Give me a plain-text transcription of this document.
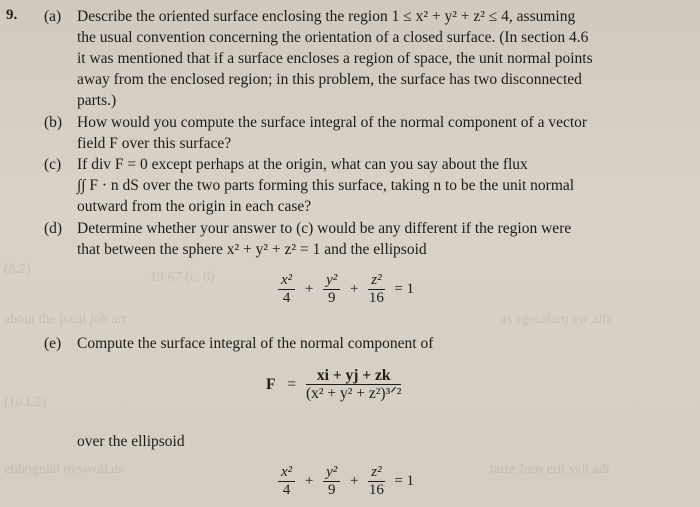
(8.2)
19 67 (c, 6)
about the local job art	as agecalaro ew alfa
(10 L2)
elibogniai ovswoll.ds	tarte Jnos erit svit adi
9. (a) Describe the oriented surface enclosing the region 1 ≤ x² + y² + z² ≤ 4, assuming
the usual convention concerning the orientation of a closed surface. (In section 4.6
it was mentioned that if a surface encloses a region of space, the unit normal points
away from the enclosed region; in this problem, the surface has two disconnected
parts.)
(b) How would you compute the surface integral of the normal component of a vector
field F over this surface?
(c) If div F = 0 except perhaps at the origin, what can you say about the flux
∫∫ F · n dS over the two parts forming this surface, taking n to be the unit normal
outward from the origin in each case?
(d) Determine whether your answer to (c) would be any different if the region were
that between the sphere x² + y² + z² = 1 and the ellipsoid
$\frac{\text{x²}}{4} + \frac{\text{y²}}{9} + \frac{\text{z²}}{16} = 1$
(e) Compute the surface integral of the normal component of
$F = \frac{xi + yj + zk}{\text{(x² + y² + z²)³ᐟ²}}$
over the ellipsoid
$\frac{\text{x²}}{4} + \frac{\text{y²}}{9} + \frac{\text{z²}}{16} = 1$
